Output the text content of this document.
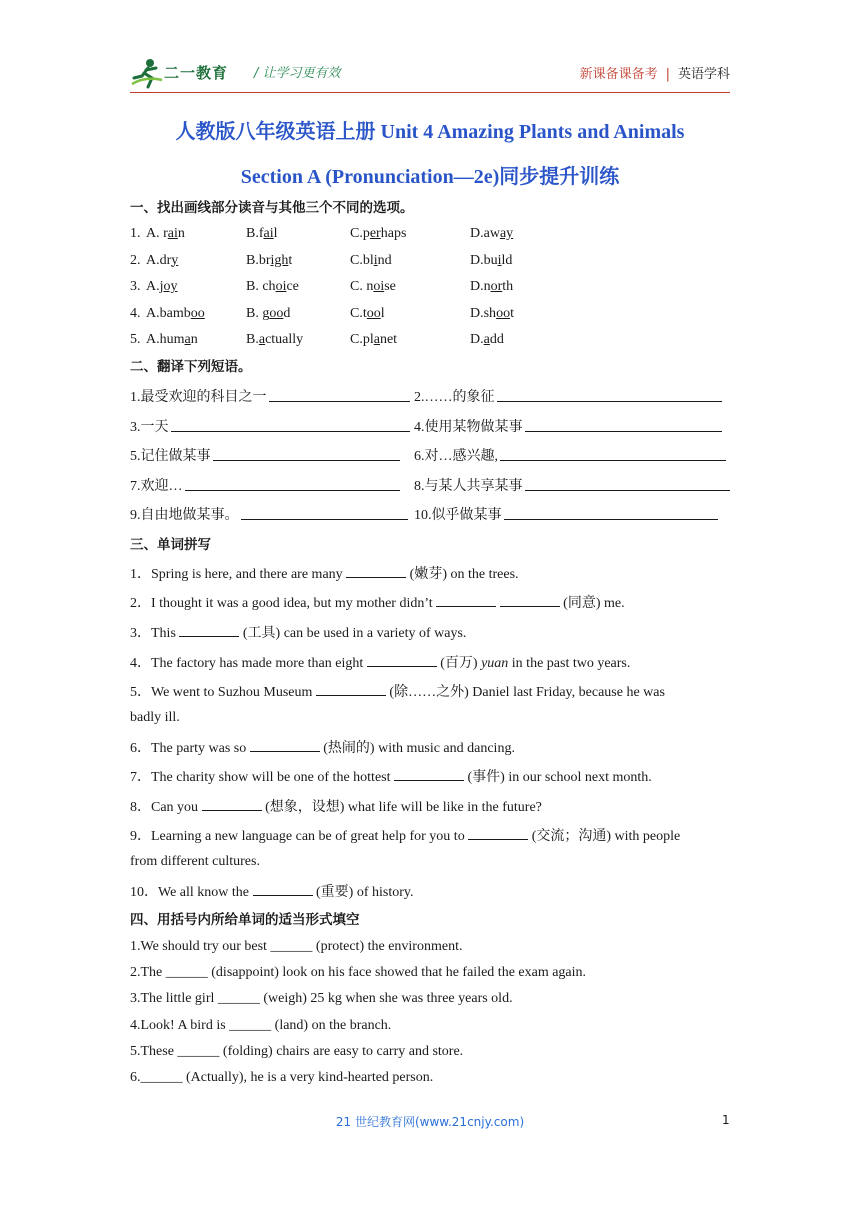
二一教育 / 让学习更有效	新课备课备考 | 英语学科
人教版八年级英语上册 Unit 4 Amazing Plants and Animals
Section A (Pronunciation—2e)同步提升训练
一、找出画线部分读音与其他三个不同的选项。
1. A. rain	B.fail	C.perhaps	D.away
2. A.dry	B.bright	C.blind	D.build
3. A.joy	B. choice	C. noise	D.north
4. A.bamboo	B. good	C.tool	D.shoot
5. A.human	B.actually	C.planet	D.add
二、翻译下列短语。
1.最受欢迎的科目之一	2.……的象征
3.一天	4.使用某物做某事
5.记住做某事	6.对…感兴趣,
7.欢迎…	8.与某人共享某事
9.自由地做某事。	10.似乎做某事
三、单词拼写
1．Spring is here, and there are many	(嫩芽) on the trees.
2．I thought it was a good idea, but my mother didn’t	(同意) me.
3．This	(工具) can be used in a variety of ways.
4．The factory has made more than eight	(百万) yuan in the past two years.
5．We went to Suzhou Museum	(除……之外) Daniel last Friday, because he was
6．The party was so	(热闹的) with music and dancing.
7．The charity show will be one of the hottest	(事件) in our school next month.
8．Can you	(想象，设想) what life will be like in the future?
9．Learning a new language can be of great help for you to	(交流；沟通) with people
10．We all know the	(重要) of history.
badly ill.
from different cultures.
四、用括号内所给单词的适当形式填空
1.We should try our best ______ (protect) the environment.
2.The ______ (disappoint) look on his face showed that he failed the exam again.
3.The little girl ______ (weigh) 25 kg when she was three years old.
4.Look! A bird is ______ (land) on the branch.
5.These ______ (folding) chairs are easy to carry and store.
6.______ (Actually), he is a very kind-hearted person.
21 世纪教育网(www.21cnjy.com)	1
